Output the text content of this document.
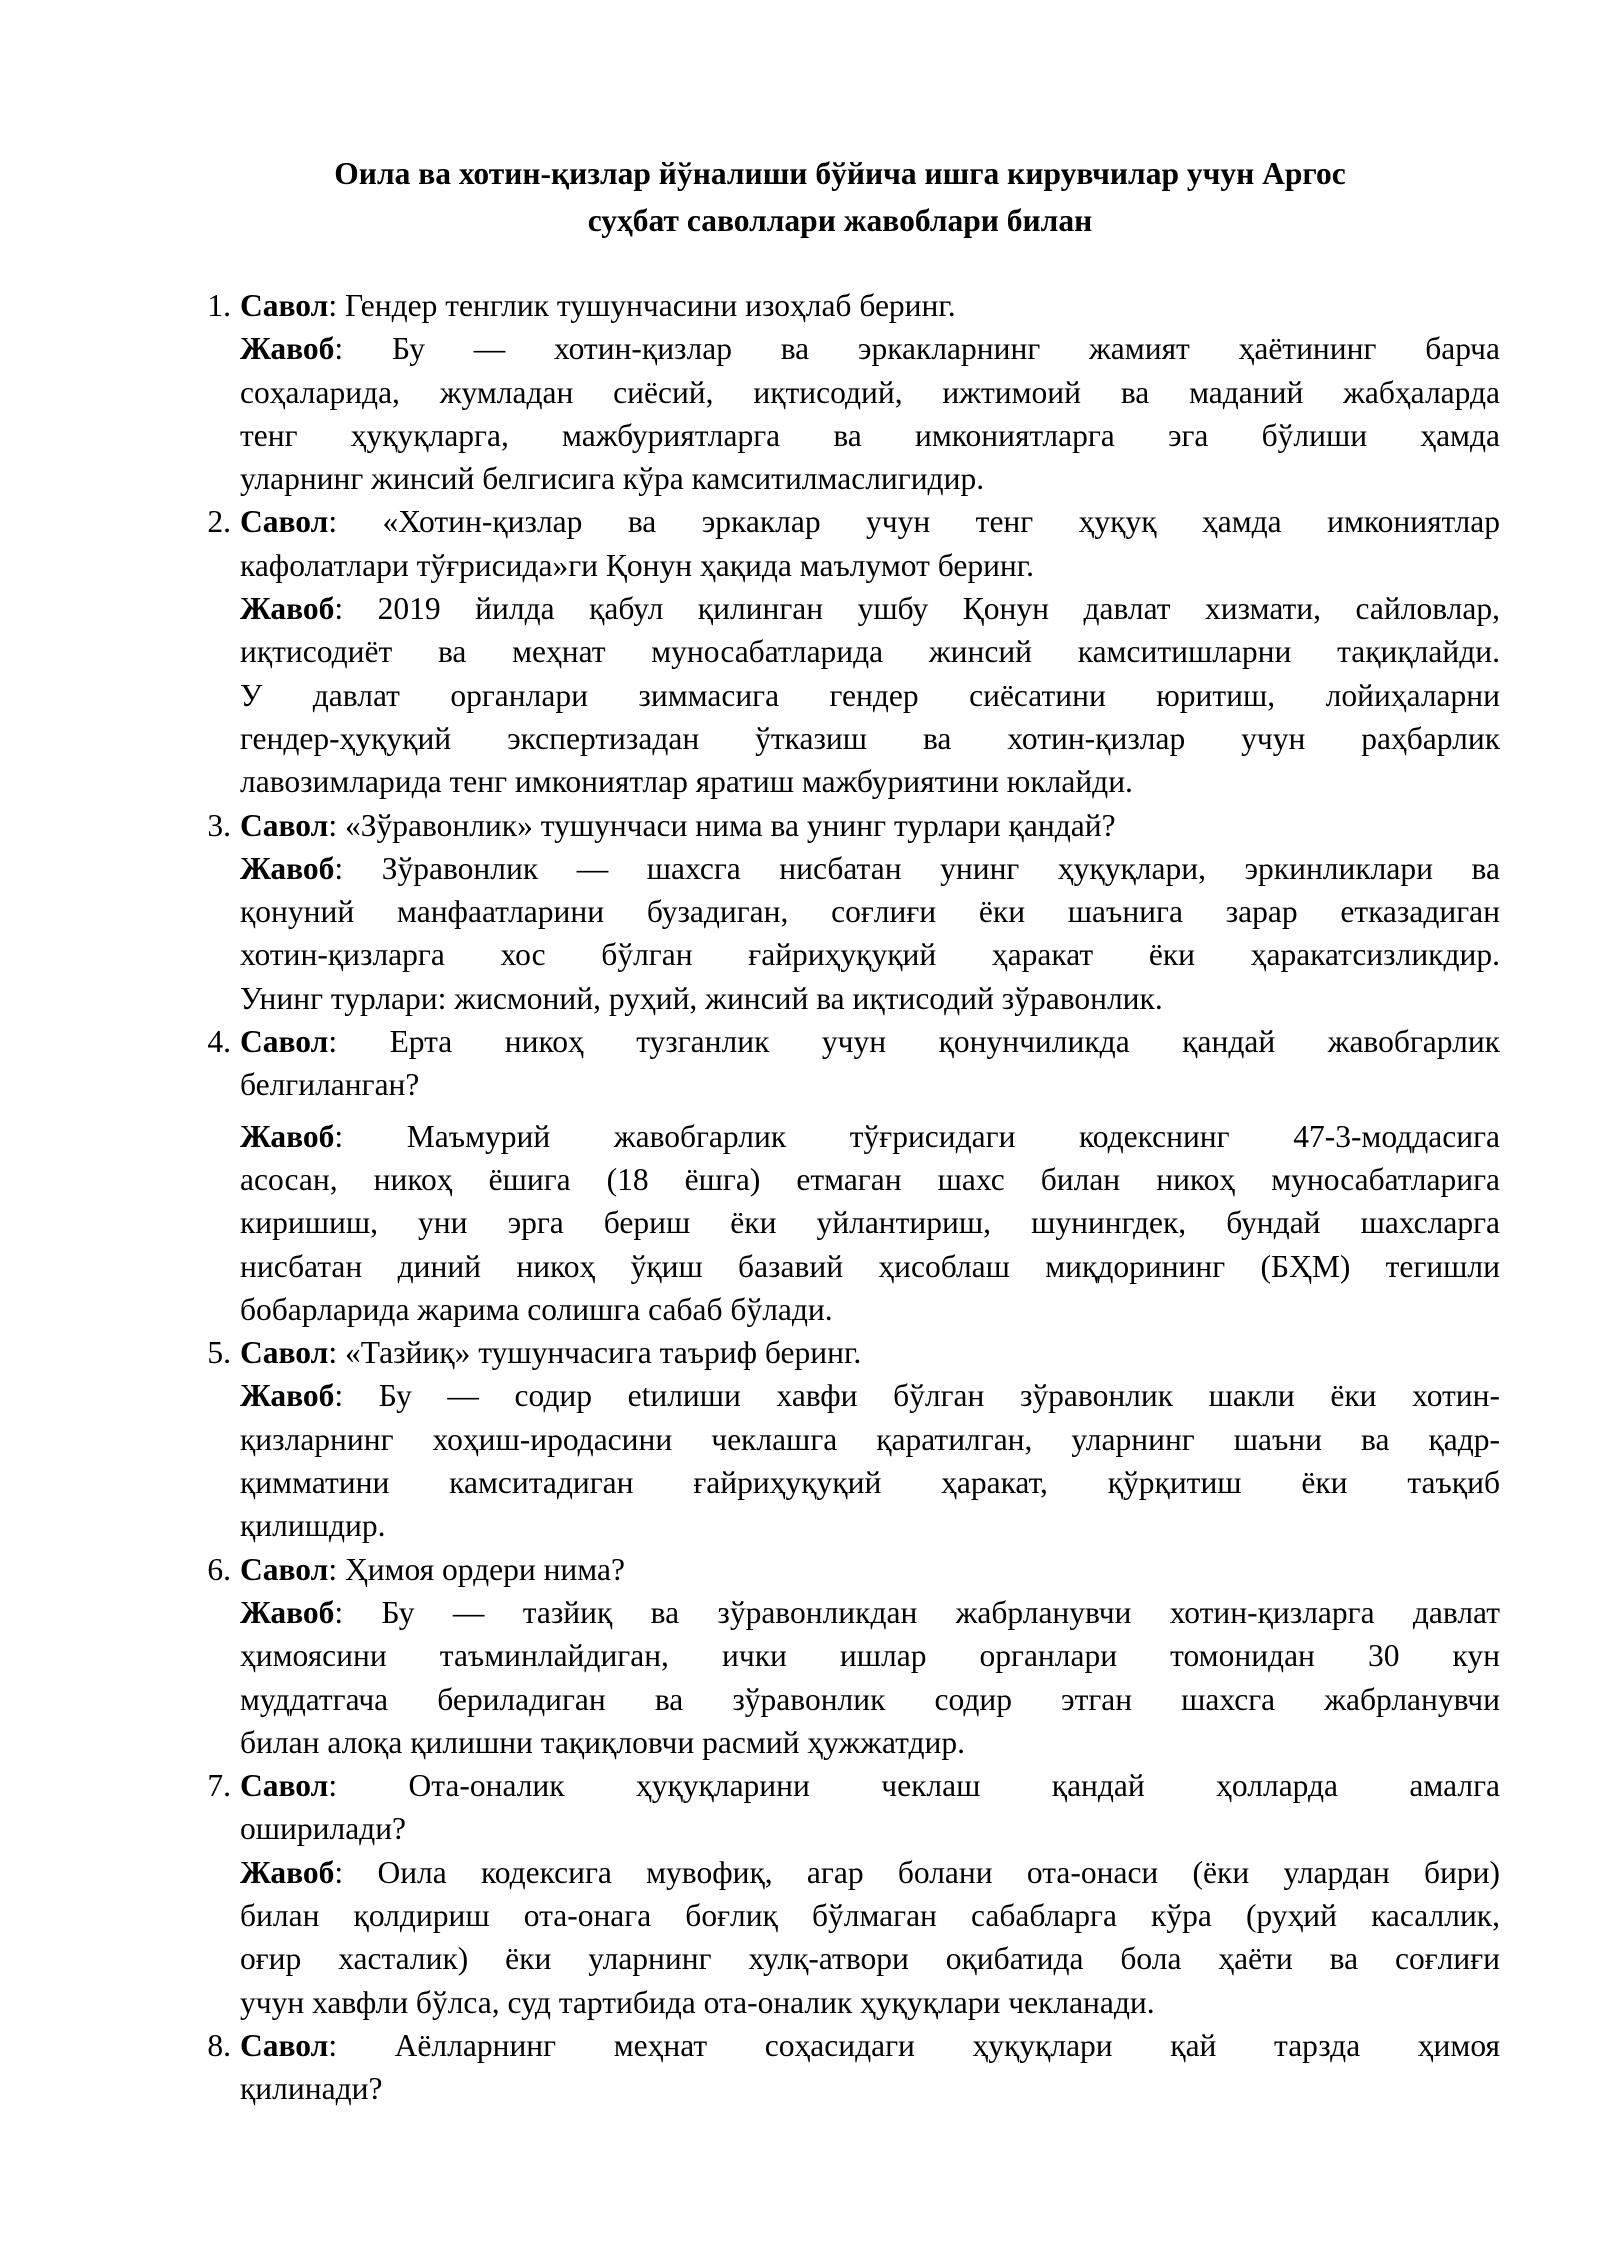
Оила ва хотин-қизлар йўналиши бўйича ишга кирувчилар учун Аргос
суҳбат саволлари жавоблари билан
1. Савол: Гендер тенглик тушунчасини изоҳлаб беринг.
Жавоб: Бу — хотин-қизлар ва эркакларнинг жамият ҳаётининг барча
соҳаларида, жумладан сиёсий, иқтисодий, ижтимоий ва маданий жабҳаларда
тенг ҳуқуқларга, мажбуриятларга ва имкониятларга эга бўлиши ҳамда
уларнинг жинсий белгисига кўра камситилмаслигидир.
2. Савол: «Хотин-қизлар ва эркаклар учун тенг ҳуқуқ ҳамда имкониятлар
кафолатлари тўғрисида»ги Қонун ҳақида маълумот беринг.
Жавоб: 2019 йилда қабул қилинган ушбу Қонун давлат хизмати, сайловлар,
иқтисодиёт ва меҳнат муносабатларида жинсий камситишларни тақиқлайди.
У давлат органлари зиммасига гендер сиёсатини юритиш, лойиҳаларни
гендер-ҳуқуқий экспертизадан ўтказиш ва хотин-қизлар учун раҳбарлик
лавозимларида тенг имкониятлар яратиш мажбуриятини юклайди.
3. Савол: «Зўравонлик» тушунчаси нима ва унинг турлари қандай?
Жавоб: Зўравонлик — шахсга нисбатан унинг ҳуқуқлари, эркинликлари ва
қонуний манфаатларини бузадиган, соғлиғи ёки шаънига зарар етказадиган
хотин-қизларга хос бўлган ғайриҳуқуқий ҳаракат ёки ҳаракатсизликдир.
Унинг турлари: жисмоний, руҳий, жинсий ва иқтисодий зўравонлик.
4. Савол: Ерта никоҳ тузганлик учун қонунчиликда қандай жавобгарлик
белгиланган?
Жавоб: Маъмурий жавобгарлик тўғрисидаги кодекснинг 47-3-моддасига
асосан, никоҳ ёшига (18 ёшга) етмаган шахс билан никоҳ муносабатларига
киришиш, уни эрга бериш ёки уйлантириш, шунингдек, бундай шахсларга
нисбатан диний никоҳ ўқиш базавий ҳисоблаш миқдорининг (БҲМ) тегишли
бобарларида жарима солишга сабаб бўлади.
5. Савол: «Тазйиқ» тушунчасига таъриф беринг.
Жавоб: Бу — содир etилиши хавфи бўлган зўравонлик шакли ёки хотин-
қизларнинг хоҳиш-иродасини чеклашга қаратилган, уларнинг шаъни ва қадр-
қимматини камситадиган ғайриҳуқуқий ҳаракат, қўрқитиш ёки таъқиб
қилишдир.
6. Савол: Ҳимоя ордери нима?
Жавоб: Бу — тазйиқ ва зўравонликдан жабрланувчи хотин-қизларга давлат
ҳимоясини таъминлайдиган, ички ишлар органлари томонидан 30 кун
муддатгача бериладиган ва зўравонлик содир этган шахсга жабрланувчи
билан алоқа қилишни тақиқловчи расмий ҳужжатдир.
7. Савол: Ота-оналик ҳуқуқларини чеклаш қандай ҳолларда амалга
оширилади?
Жавоб: Оила кодексига мувофиқ, агар болани ота-онаси (ёки улардан бири)
билан қолдириш ота-онага боғлиқ бўлмаган сабабларга кўра (руҳий касаллик,
оғир хасталик) ёки уларнинг хулқ-атвори оқибатида бола ҳаёти ва соғлиғи
учун хавфли бўлса, суд тартибида ота-оналик ҳуқуқлари чекланади.
8. Савол: Аёлларнинг меҳнат соҳасидаги ҳуқуқлари қай тарзда ҳимоя
қилинади?
